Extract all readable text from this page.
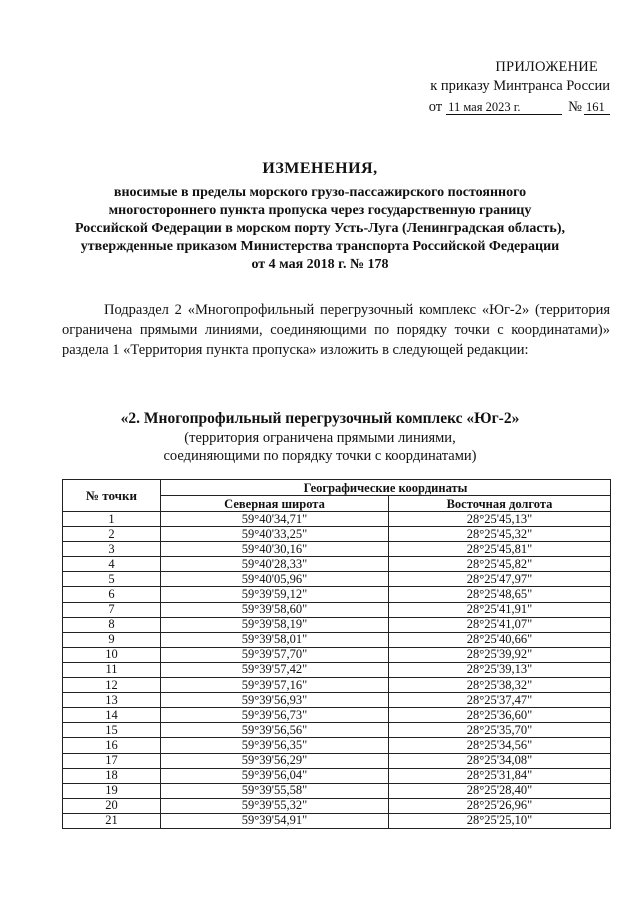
ПРИЛОЖЕНИЕ
к приказу Минтранса России
от 11 мая 2023 г.	№ 161
ИЗМЕНЕНИЯ,
вносимые в пределы морского грузо-пассажирского постоянного
многостороннего пункта пропуска через государственную границу
Российской Федерации в морском порту Усть-Луга (Ленинградская область),
утвержденные приказом Министерства транспорта Российской Федерации
от 4 мая 2018 г. № 178
Подраздел 2 «Многопрофильный перегрузочный комплекс «Юг-2» (территория ограничена прямыми линиями, соединяющими по порядку точки с координатами)» раздела 1 «Территория пункта пропуска» изложить в следующей редакции:
«2. Многопрофильный перегрузочный комплекс «Юг-2»
(территория ограничена прямыми линиями,
соединяющими по порядку точки с координатами)
№ точки	Географические координаты	
	Северная широта	Восточная долгота
1	59°40'34,71"	28°25'45,13"
2	59°40'33,25"	28°25'45,32"
3	59°40'30,16"	28°25'45,81"
4	59°40'28,33"	28°25'45,82"
5	59°40'05,96"	28°25'47,97"
6	59°39'59,12"	28°25'48,65"
7	59°39'58,60"	28°25'41,91"
8	59°39'58,19"	28°25'41,07"
9	59°39'58,01"	28°25'40,66"
10	59°39'57,70"	28°25'39,92"
11	59°39'57,42"	28°25'39,13"
12	59°39'57,16"	28°25'38,32"
13	59°39'56,93"	28°25'37,47"
14	59°39'56,73"	28°25'36,60"
15	59°39'56,56"	28°25'35,70"
16	59°39'56,35"	28°25'34,56"
17	59°39'56,29"	28°25'34,08"
18	59°39'56,04"	28°25'31,84"
19	59°39'55,58"	28°25'28,40"
20	59°39'55,32"	28°25'26,96"
21	59°39'54,91"	28°25'25,10"
